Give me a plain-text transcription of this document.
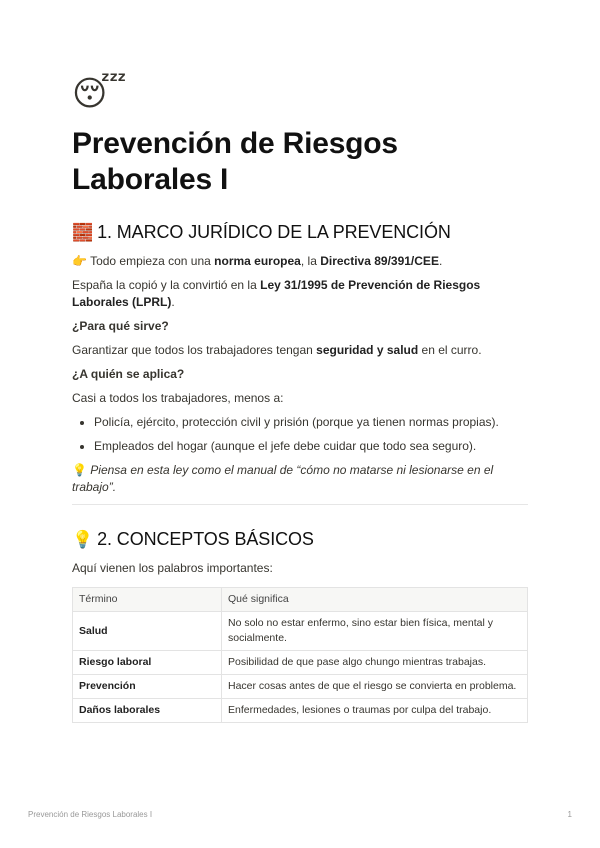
😴
Prevención de Riesgos Laborales I
🧱 1. MARCO JURÍDICO DE LA PREVENCIÓN

👉 Todo empieza con una norma europea, la Directiva 89/391/CEE.

España la copió y la convirtió en la Ley 31/1995 de Prevención de Riesgos Laborales (LPRL).

¿Para qué sirve?

Garantizar que todos los trabajadores tengan seguridad y salud en el curro.

¿A quién se aplica?

Casi a todos los trabajadores, menos a:

• Policía, ejército, protección civil y prisión (porque ya tienen normas propias).
• Empleados del hogar (aunque el jefe debe cuidar que todo sea seguro).

💡 Piensa en esta ley como el manual de “cómo no matarse ni lesionarse en el trabajo”.

💡 2. CONCEPTOS BÁSICOS

Aquí vienen los palabros importantes:

Término	Qué significa
Salud	No solo no estar enfermo, sino estar bien física, mental y socialmente.
Riesgo laboral	Posibilidad de que pase algo chungo mientras trabajas.
Prevención	Hacer cosas antes de que el riesgo se convierta en problema.
Daños laborales	Enfermedades, lesiones o traumas por culpa del trabajo.
Prevención de Riesgos Laborales I	1
